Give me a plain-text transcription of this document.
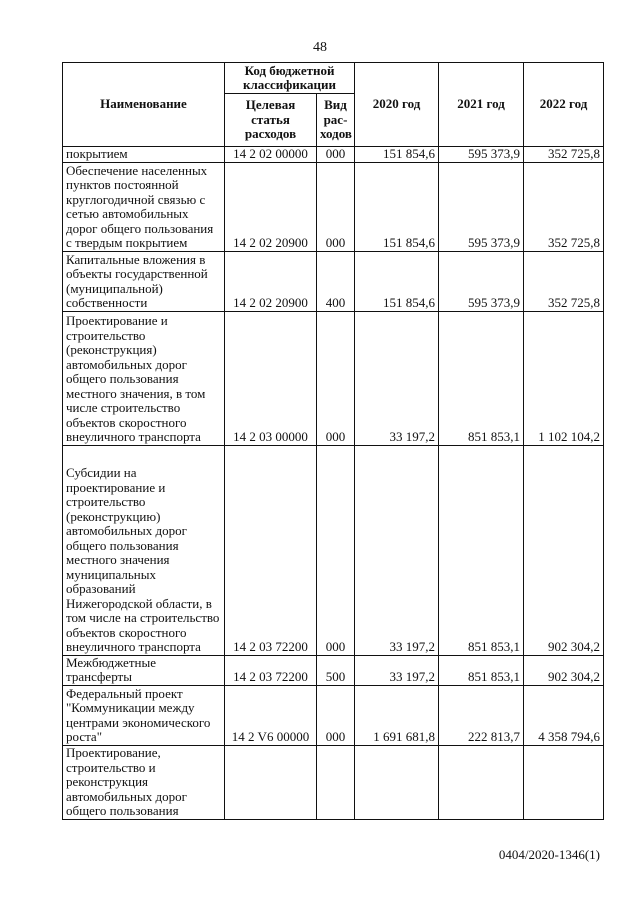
48
Наименование	Код бюджетной классификации		2020 год	2021 год	2022 год
	Целевая статья расходов	Вид рас- ходов			
покрытием	14 2 02 00000	000	151 854,6	595 373,9	352 725,8
Обеспечение населенных пунктов постоянной круглогодичной связью с сетью автомобильных дорог общего пользования с твердым покрытием	14 2 02 20900	000	151 854,6	595 373,9	352 725,8
Капитальные вложения в объекты государственной (муниципальной) собственности	14 2 02 20900	400	151 854,6	595 373,9	352 725,8
Проектирование и строительство (реконструкция) автомобильных дорог общего пользования местного значения, в том числе строительство объектов скоростного внеуличного транспорта	14 2 03 00000	000	33 197,2	851 853,1	1 102 104,2
Субсидии на проектирование и строительство (реконструкцию) автомобильных дорог общего пользования местного значения муниципальных образований Нижегородской области, в том числе на строительство объектов скоростного внеуличного транспорта	14 2 03 72200	000	33 197,2	851 853,1	902 304,2
Межбюджетные трансферты	14 2 03 72200	500	33 197,2	851 853,1	902 304,2
Федеральный проект "Коммуникации между центрами экономического роста"	14 2 V6 00000	000	1 691 681,8	222 813,7	4 358 794,6
Проектирование, строительство и реконструкция автомобильных дорог общего пользования					
0404/2020-1346(1)
